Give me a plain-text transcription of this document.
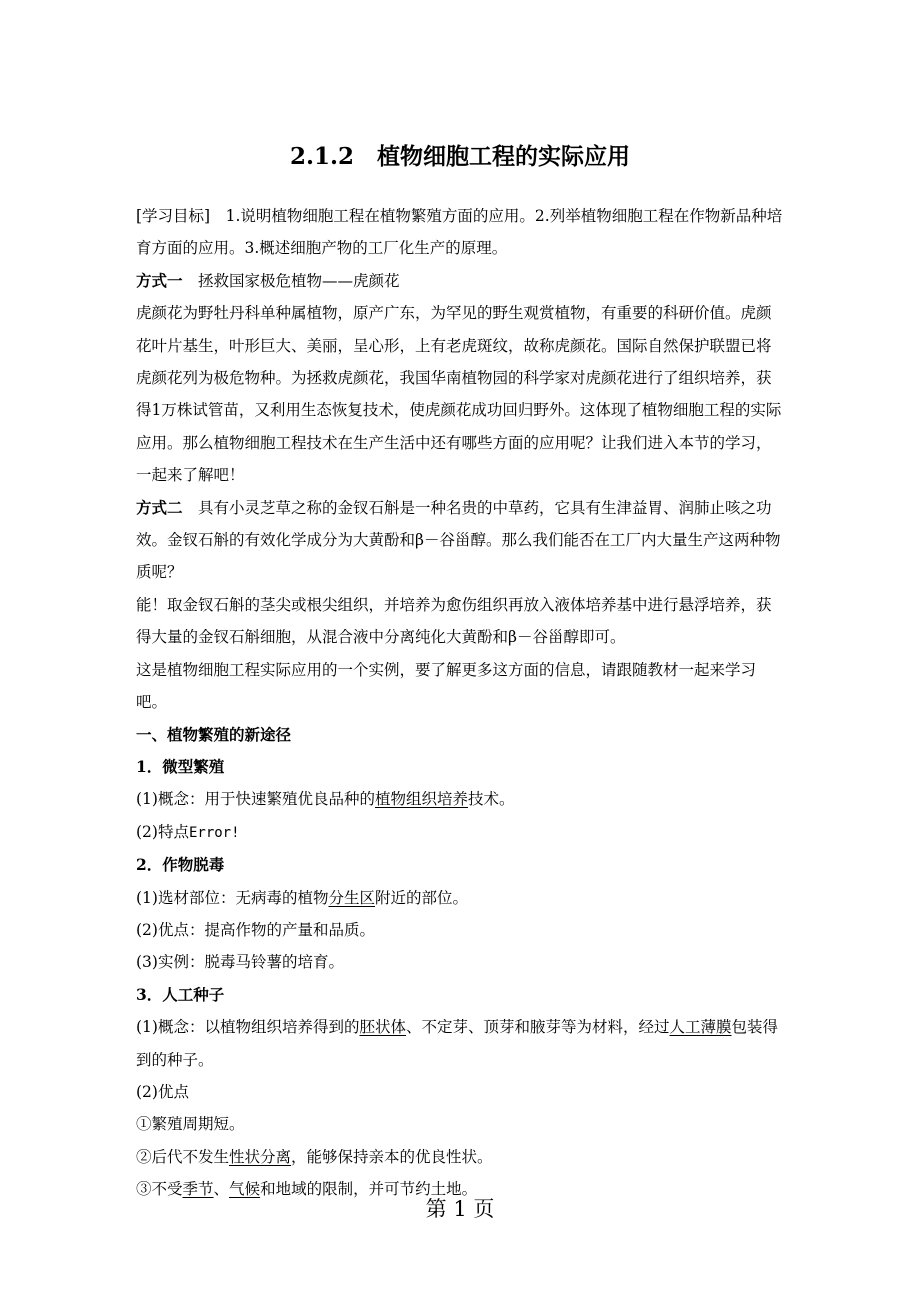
2.1.2　植物细胞工程的实际应用

[学习目标]　1.说明植物细胞工程在植物繁殖方面的应用。2.列举植物细胞工程在作物新品种培育方面的应用。3.概述细胞产物的工厂化生产的原理。

方式一　拯救国家极危植物——虎颜花

虎颜花为野牡丹科单种属植物，原产广东，为罕见的野生观赏植物，有重要的科研价值。虎颜花叶片基生，叶形巨大、美丽，呈心形，上有老虎斑纹，故称虎颜花。国际自然保护联盟已将虎颜花列为极危物种。为拯救虎颜花，我国华南植物园的科学家对虎颜花进行了组织培养，获得1万株试管苗，又利用生态恢复技术，使虎颜花成功回归野外。这体现了植物细胞工程的实际应用。那么植物细胞工程技术在生产生活中还有哪些方面的应用呢？让我们进入本节的学习，一起来了解吧！

方式二　具有小灵芝草之称的金钗石斛是一种名贵的中草药，它具有生津益胃、润肺止咳之功效。金钗石斛的有效化学成分为大黄酚和β－谷甾醇。那么我们能否在工厂内大量生产这两种物质呢？

能！取金钗石斛的茎尖或根尖组织，并培养为愈伤组织再放入液体培养基中进行悬浮培养，获得大量的金钗石斛细胞，从混合液中分离纯化大黄酚和β－谷甾醇即可。

这是植物细胞工程实际应用的一个实例，要了解更多这方面的信息，请跟随教材一起来学习吧。

一、植物繁殖的新途径

1．微型繁殖

(1)概念：用于快速繁殖优良品种的植物组织培养技术。

(2)特点Error!

2．作物脱毒

(1)选材部位：无病毒的植物分生区附近的部位。

(2)优点：提高作物的产量和品质。

(3)实例：脱毒马铃薯的培育。

3．人工种子

(1)概念：以植物组织培养得到的胚状体、不定芽、顶芽和腋芽等为材料，经过人工薄膜包装得到的种子。

(2)优点

①繁殖周期短。

②后代不发生性状分离，能够保持亲本的优良性状。

③不受季节、气候和地域的限制，并可节约土地。

第 1 页
